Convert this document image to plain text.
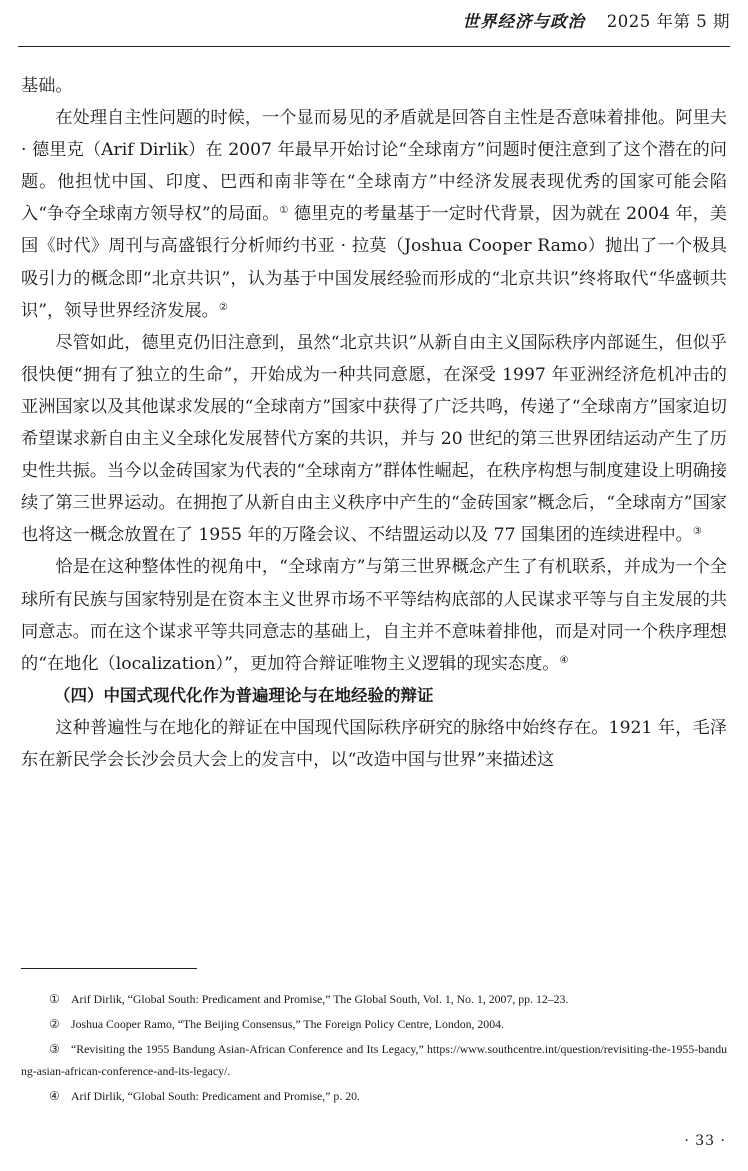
世界经济与政治 2025 年第 5 期

基础。

在处理自主性问题的时候，一个显而易见的矛盾就是回答自主性是否意味着排他。阿里夫 · 德里克（Arif Dirlik）在 2007 年最早开始讨论“全球南方”问题时便注意到了这个潜在的问题。他担忧中国、印度、巴西和南非等在“全球南方”中经济发展表现优秀的国家可能会陷入“争夺全球南方领导权”的局面。① 德里克的考量基于一定时代背景，因为就在 2004 年，美国《时代》周刊与高盛银行分析师约书亚 · 拉莫（Joshua Cooper Ramo）抛出了一个极具吸引力的概念即“北京共识”，认为基于中国发展经验而形成的“北京共识”终将取代“华盛顿共识”，领导世界经济发展。②

尽管如此，德里克仍旧注意到，虽然“北京共识”从新自由主义国际秩序内部诞生，但似乎很快便“拥有了独立的生命”，开始成为一种共同意愿，在深受 1997 年亚洲经济危机冲击的亚洲国家以及其他谋求发展的“全球南方”国家中获得了广泛共鸣，传递了“全球南方”国家迫切希望谋求新自由主义全球化发展替代方案的共识，并与 20 世纪的第三世界团结运动产生了历史性共振。当今以金砖国家为代表的“全球南方”群体性崛起，在秩序构想与制度建设上明确接续了第三世界运动。在拥抱了从新自由主义秩序中产生的“金砖国家”概念后，“全球南方”国家也将这一概念放置在了 1955 年的万隆会议、不结盟运动以及 77 国集团的连续进程中。③

恰是在这种整体性的视角中，“全球南方”与第三世界概念产生了有机联系，并成为一个全球所有民族与国家特别是在资本主义世界市场不平等结构底部的人民谋求平等与自主发展的共同意志。而在这个谋求平等共同意志的基础上，自主并不意味着排他，而是对同一个秩序理想的“在地化（localization）”，更加符合辩证唯物主义逻辑的现实态度。④

（四）中国式现代化作为普遍理论与在地经验的辩证

这种普遍性与在地化的辩证在中国现代国际秩序研究的脉络中始终存在。1921 年，毛泽东在新民学会长沙会员大会上的发言中，以“改造中国与世界”来描述这

① Arif Dirlik, “Global South: Predicament and Promise,” The Global South, Vol. 1, No. 1, 2007, pp. 12–23.

② Joshua Cooper Ramo, “The Beijing Consensus,” The Foreign Policy Centre, London, 2004.

③ “Revisiting the 1955 Bandung Asian-African Conference and Its Legacy,” https://www.southcentre.int/question/revisiting-the-1955-bandung-asian-african-conference-and-its-legacy/.

④ Arif Dirlik, “Global South: Predicament and Promise,” p. 20.

· 33 ·
